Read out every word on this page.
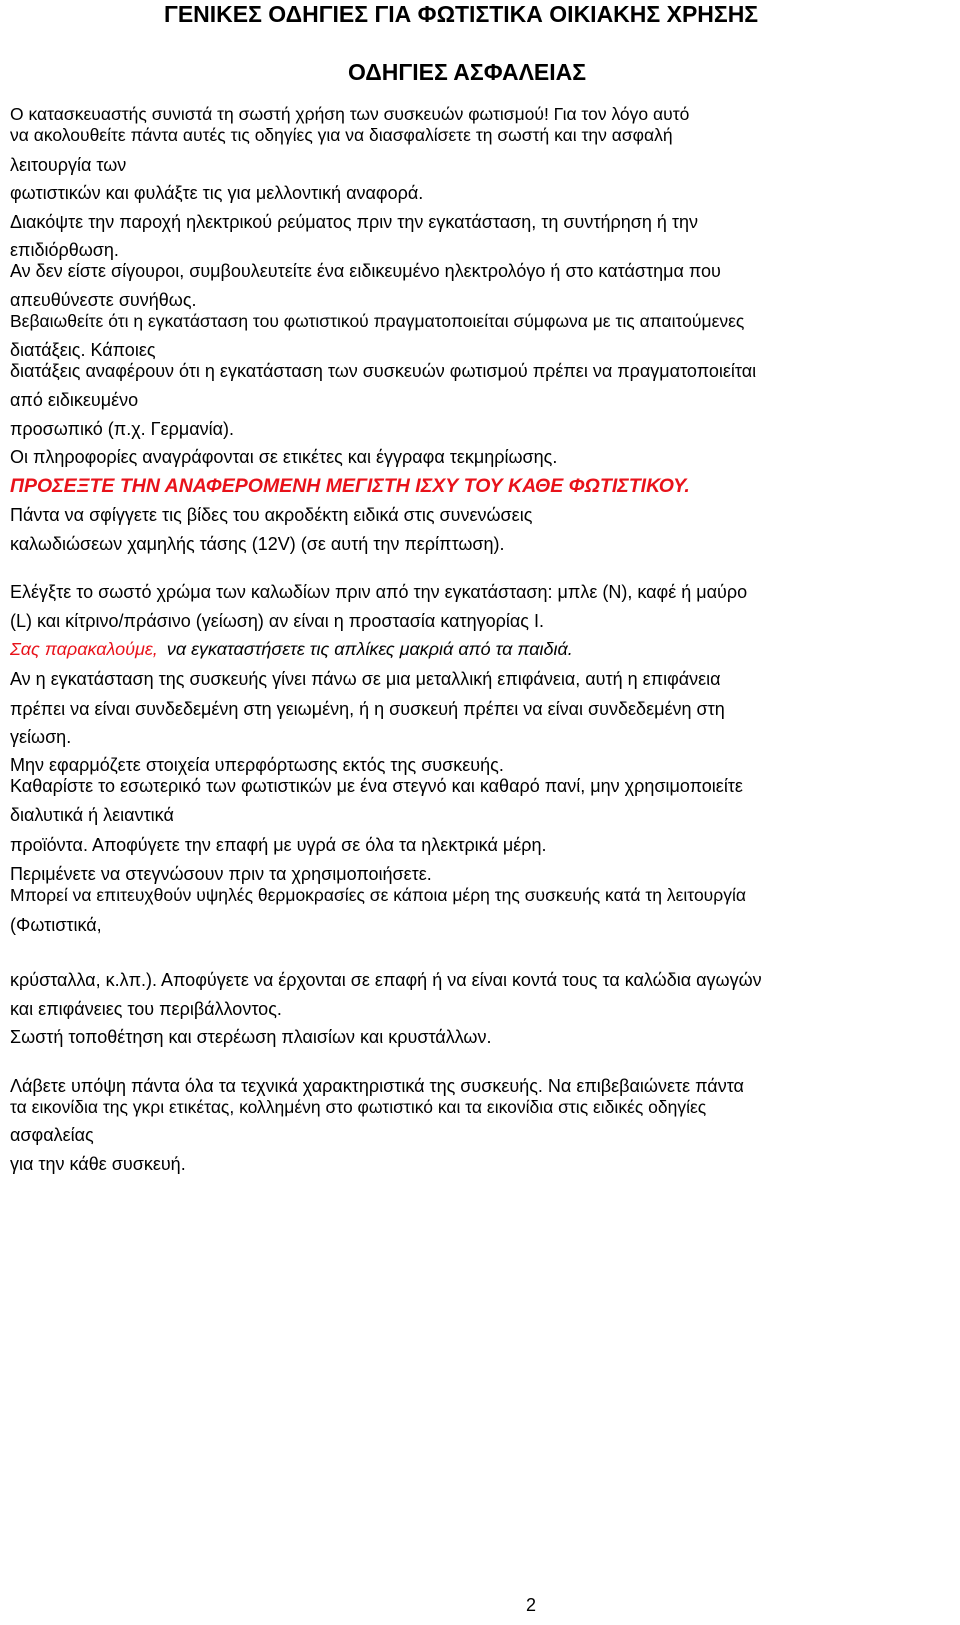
ΓΕΝΙΚΕΣ ΟΔΗΓΙΕΣ ΓΙΑ ΦΩΤΙΣΤΙΚΑ ΟΙΚΙΑΚΗΣ ΧΡΗΣΗΣ
ΟΔΗΓΙΕΣ ΑΣΦΑΛΕΙΑΣ
Ο κατασκευαστής συνιστά τη σωστή χρήση των συσκευών φωτισμού! Για τον λόγο αυτό
να ακολουθείτε πάντα αυτές τις οδηγίες για να διασφαλίσετε τη σωστή και την ασφαλή
λειτουργία των
φωτιστικών και φυλάξτε τις για μελλοντική αναφορά.
Διακόψτε την παροχή ηλεκτρικού ρεύματος πριν την εγκατάσταση, τη συντήρηση ή την
επιδιόρθωση.
Αν δεν είστε σίγουροι, συμβουλευτείτε ένα ειδικευμένο ηλεκτρολόγο ή στο κατάστημα που
απευθύνεστε συνήθως.
Βεβαιωθείτε ότι η εγκατάσταση του φωτιστικού πραγματοποιείται σύμφωνα με τις απαιτούμενες
διατάξεις. Κάποιες
διατάξεις αναφέρουν ότι η εγκατάσταση των συσκευών φωτισμού πρέπει να πραγματοποιείται
από ειδικευμένο
προσωπικό (π.χ. Γερμανία).
Οι πληροφορίες αναγράφονται σε ετικέτες και έγγραφα τεκμηρίωσης.
ΠΡΟΣΕΞΤΕ ΤΗΝ ΑΝΑΦΕΡΟΜΕΝΗ ΜΕΓΙΣΤΗ ΙΣΧΥ ΤΟΥ ΚΑΘΕ ΦΩΤΙΣΤΙΚΟΥ.
Πάντα να σφίγγετε τις βίδες του ακροδέκτη ειδικά στις συνενώσεις
καλωδιώσεων χαμηλής τάσης (12V) (σε αυτή την περίπτωση).
Ελέγξτε το σωστό χρώμα των καλωδίων πριν από την εγκατάσταση: μπλε (N), καφέ ή μαύρο
(L) και κίτρινο/πράσινο (γείωση) αν είναι η προστασία κατηγορίας I.
Σας παρακαλούμε, να εγκαταστήσετε τις απλίκες μακριά από τα παιδιά.
Αν η εγκατάσταση της συσκευής γίνει πάνω σε μια μεταλλική επιφάνεια, αυτή η επιφάνεια
πρέπει να είναι συνδεδεμένη στη γειωμένη, ή η συσκευή πρέπει να είναι συνδεδεμένη στη
γείωση.
Μην εφαρμόζετε στοιχεία υπερφόρτωσης εκτός της συσκευής.
Καθαρίστε το εσωτερικό των φωτιστικών με ένα στεγνό και καθαρό πανί, μην χρησιμοποιείτε
διαλυτικά ή λειαντικά
προϊόντα. Αποφύγετε την επαφή με υγρά σε όλα τα ηλεκτρικά μέρη.
Περιμένετε να στεγνώσουν πριν τα χρησιμοποιήσετε.
Μπορεί να επιτευχθούν υψηλές θερμοκρασίες σε κάποια μέρη της συσκευής κατά τη λειτουργία
(Φωτιστικά,
κρύσταλλα, κ.λπ.). Αποφύγετε να έρχονται σε επαφή ή να είναι κοντά τους τα καλώδια αγωγών
και επιφάνειες του περιβάλλοντος.
Σωστή τοποθέτηση και στερέωση πλαισίων και κρυστάλλων.
Λάβετε υπόψη πάντα όλα τα τεχνικά χαρακτηριστικά της συσκευής. Να επιβεβαιώνετε πάντα
τα εικονίδια της γκρι ετικέτας, κολλημένη στο φωτιστικό και τα εικονίδια στις ειδικές οδηγίες
ασφαλείας
για την κάθε συσκευή.
2
